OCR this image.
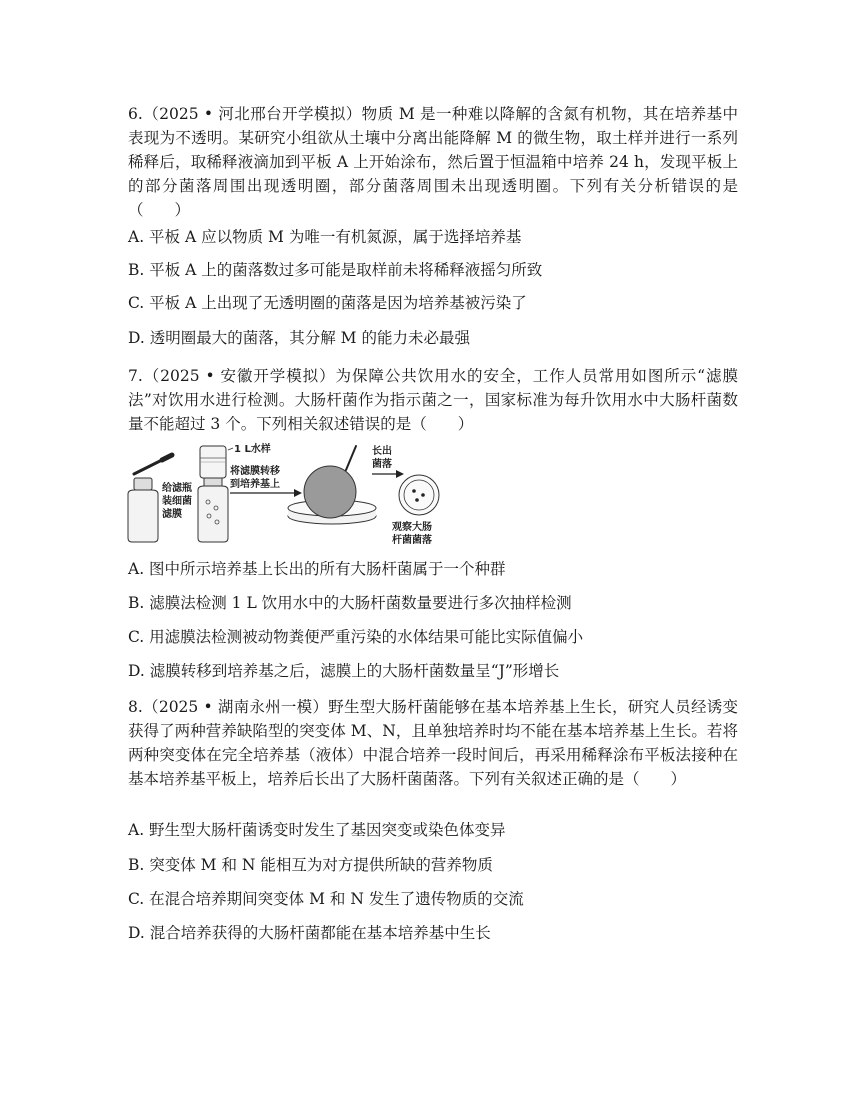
6.（2025 • 河北邢台开学模拟）物质 M 是一种难以降解的含氮有机物，其在培养基中表现为不透明。某研究小组欲从土壤中分离出能降解 M 的微生物，取土样并进行一系列稀释后，取稀释液滴加到平板 A 上开始涂布，然后置于恒温箱中培养 24 h，发现平板上的部分菌落周围出现透明圈，部分菌落周围未出现透明圈。下列有关分析错误的是（　　）

A. 平板 A 应以物质 M 为唯一有机氮源，属于选择培养基

B. 平板 A 上的菌落数过多可能是取样前未将稀释液摇匀所致

C. 平板 A 上出现了无透明圈的菌落是因为培养基被污染了

D. 透明圈最大的菌落，其分解 M 的能力未必最强

7.（2025 • 安徽开学模拟）为保障公共饮用水的安全，工作人员常用如图所示“滤膜法”对饮用水进行检测。大肠杆菌作为指示菌之一，国家标准为每升饮用水中大肠杆菌数量不能超过 3 个。下列相关叙述错误的是（　　）

给滤瓶
装细菌
滤膜
1 L水样
将滤膜转移
到培养基上
长出
菌落
观察大肠
杆菌菌落

A. 图中所示培养基上长出的所有大肠杆菌属于一个种群

B. 滤膜法检测 1 L 饮用水中的大肠杆菌数量要进行多次抽样检测

C. 用滤膜法检测被动物粪便严重污染的水体结果可能比实际值偏小

D. 滤膜转移到培养基之后，滤膜上的大肠杆菌数量呈“J”形增长

8.（2025 • 湖南永州一模）野生型大肠杆菌能够在基本培养基上生长，研究人员经诱变获得了两种营养缺陷型的突变体 M、N，且单独培养时均不能在基本培养基上生长。若将两种突变体在完全培养基（液体）中混合培养一段时间后，再采用稀释涂布平板法接种在基本培养基平板上，培养后长出了大肠杆菌菌落。下列有关叙述正确的是（　　）

A. 野生型大肠杆菌诱变时发生了基因突变或染色体变异

B. 突变体 M 和 N 能相互为对方提供所缺的营养物质

C. 在混合培养期间突变体 M 和 N 发生了遗传物质的交流

D. 混合培养获得的大肠杆菌都能在基本培养基中生长
